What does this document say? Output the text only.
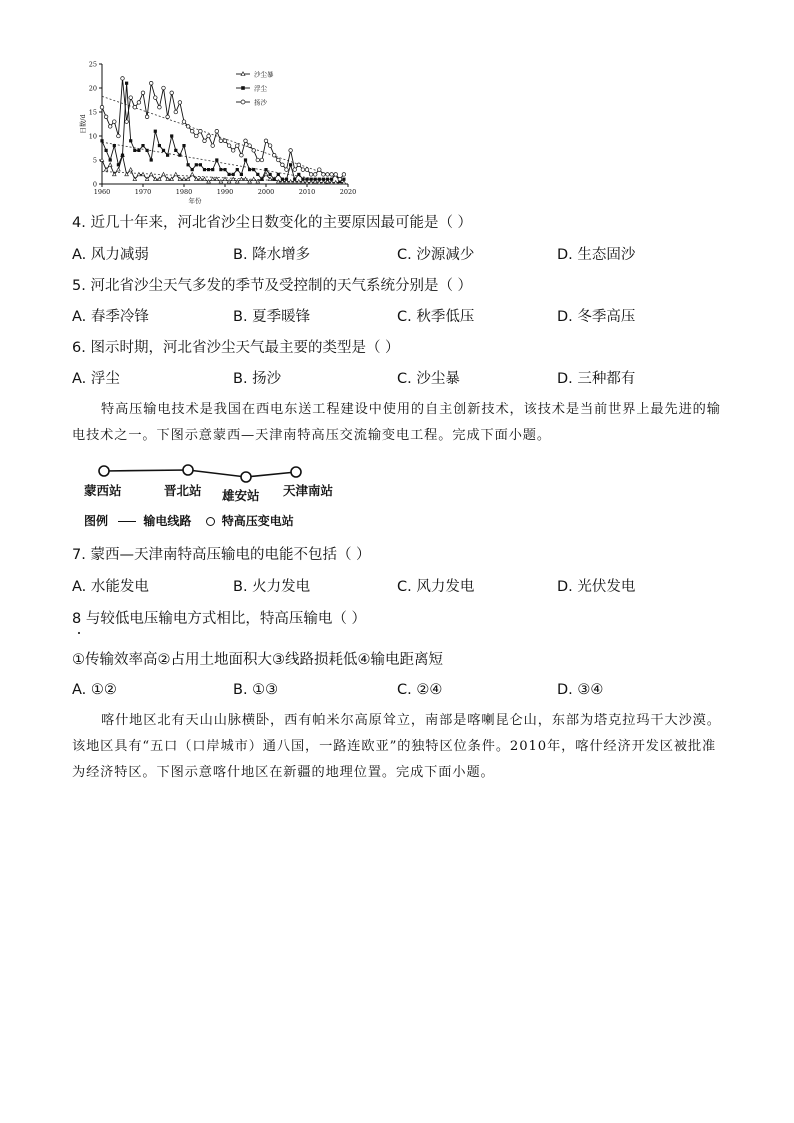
0
5
10
15
20
25
1960	1970	1980	1990	2000	2010	2020
年份
日数/d
沙尘暴
浮尘
扬沙
4. 近几十年来，河北省沙尘日数变化的主要原因最可能是（ ）
A. 风力减弱	B. 降水增多	C. 沙源减少	D. 生态固沙
5. 河北省沙尘天气多发的季节及受控制的天气系统分别是（ ）
A. 春季冷锋	B. 夏季暖锋	C. 秋季低压	D. 冬季高压
6. 图示时期，河北省沙尘天气最主要的类型是（ ）
A. 浮尘	B. 扬沙	C. 沙尘暴	D. 三种都有
特高压输电技术是我国在西电东送工程建设中使用的自主创新技术，该技术是当前世界上最先进的输电技术之一。下图示意蒙西—天津南特高压交流输变电工程。完成下面小题。
蒙西站	晋北站 雄安站 天津南站
图例	输电线路	特高压变电站
7. 蒙西—天津南特高压输电的电能不包括（ ）
A. 水能发电	B. 火力发电	C. 风力发电	D. 光伏发电
8 与较低电压输电方式相比，特高压输电（ ）
①传输效率高②占用土地面积大③线路损耗低④输电距离短
A. ①②	B. ①③	C. ②④	D. ③④
喀什地区北有天山山脉横卧，西有帕米尔高原耸立，南部是喀喇昆仑山，东部为塔克拉玛干大沙漠。该地区具有“五口（口岸城市）通八国，一路连欧亚”的独特区位条件。2010年，喀什经济开发区被批准为经济特区。下图示意喀什地区在新疆的地理位置。完成下面小题。
